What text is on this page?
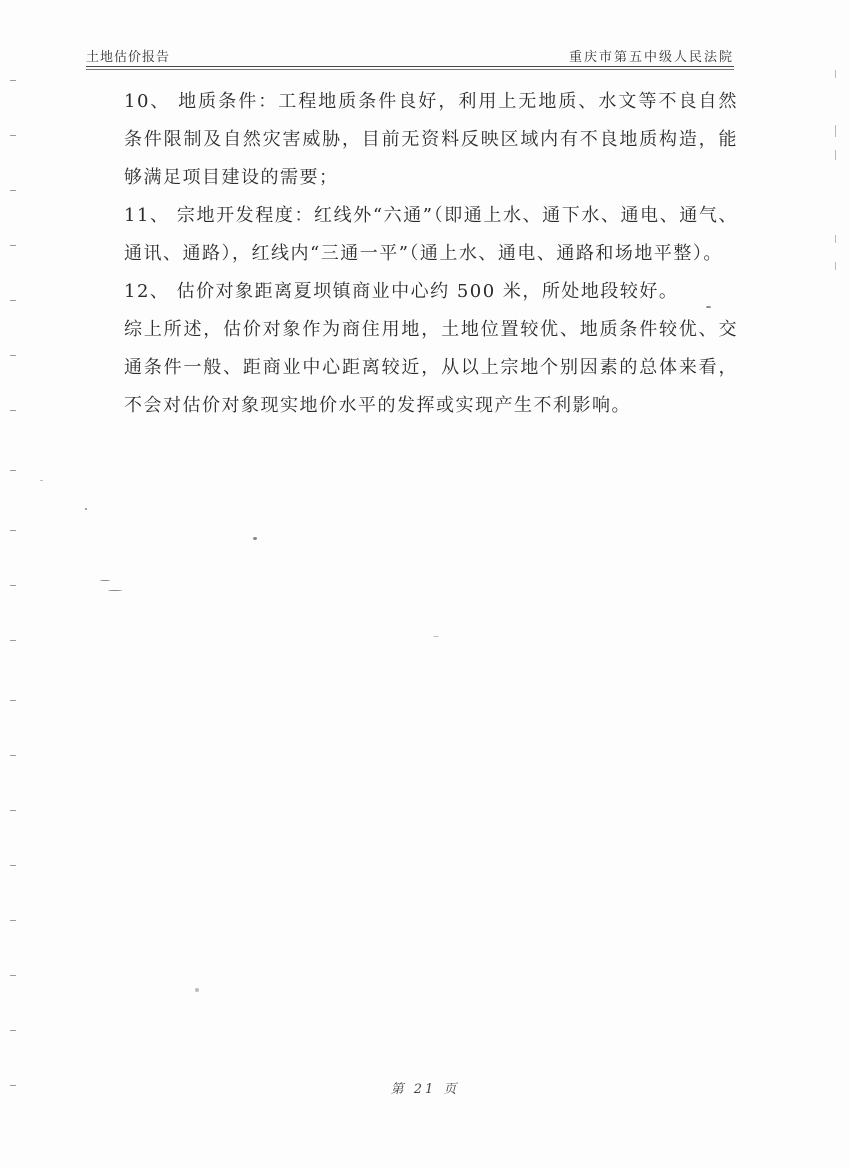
土地估价报告	重庆市第五中级人民法院

10、 地质条件：工程地质条件良好，利用上无地质、水文等不良自然条件限制及自然灾害威胁，目前无资料反映区域内有不良地质构造，能够满足项目建设的需要；

11、 宗地开发程度：红线外“六通”（即通上水、通下水、通电、通气、通讯、通路），红线内“三通一平”（通上水、通电、通路和场地平整）。

12、 估价对象距离夏坝镇商业中心约 500 米，所处地段较好。

综上所述，估价对象作为商住用地，土地位置较优、地质条件较优、交通条件一般、距商业中心距离较近，从以上宗地个别因素的总体来看，不会对估价对象现实地价水平的发挥或实现产生不利影响。

第 21 页
